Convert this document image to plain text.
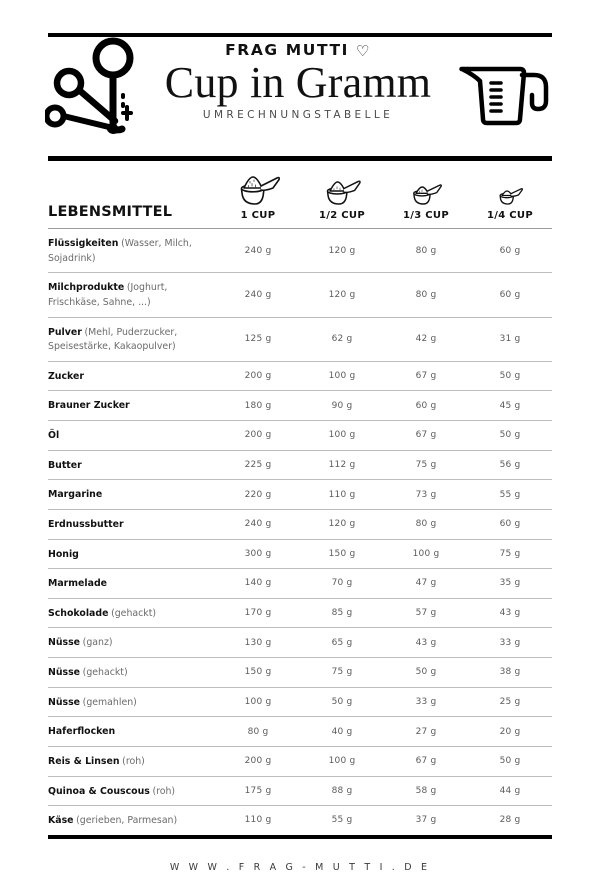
FRAG MUTTI ♡
Cup in Gramm
UMRECHNUNGSTABELLE
LEBENSMITTEL	1 CUP	1/2 CUP	1/3 CUP	1/4 CUP

Flüssigkeiten (Wasser, Milch, Sojadrink)	240 g	120 g	80 g	60 g
Milchprodukte (Joghurt, Frischkäse, Sahne, ...)	240 g	120 g	80 g	60 g
Pulver (Mehl, Puderzucker, Speisestärke, Kakaopulver)	125 g	62 g	42 g	31 g
Zucker	200 g	100 g	67 g	50 g
Brauner Zucker	180 g	90 g	60 g	45 g
Öl	200 g	100 g	67 g	50 g
Butter	225 g	112 g	75 g	56 g
Margarine	220 g	110 g	73 g	55 g
Erdnussbutter	240 g	120 g	80 g	60 g
Honig	300 g	150 g	100 g	75 g
Marmelade	140 g	70 g	47 g	35 g
Schokolade (gehackt)	170 g	85 g	57 g	43 g
Nüsse (ganz)	130 g	65 g	43 g	33 g
Nüsse (gehackt)	150 g	75 g	50 g	38 g
Nüsse (gemahlen)	100 g	50 g	33 g	25 g
Haferflocken	80 g	40 g	27 g	20 g
Reis & Linsen (roh)	200 g	100 g	67 g	50 g
Quinoa & Couscous (roh)	175 g	88 g	58 g	44 g
Käse (gerieben, Parmesan)	110 g	55 g	37 g	28 g
W W W . F R A G - M U T T I . D E
